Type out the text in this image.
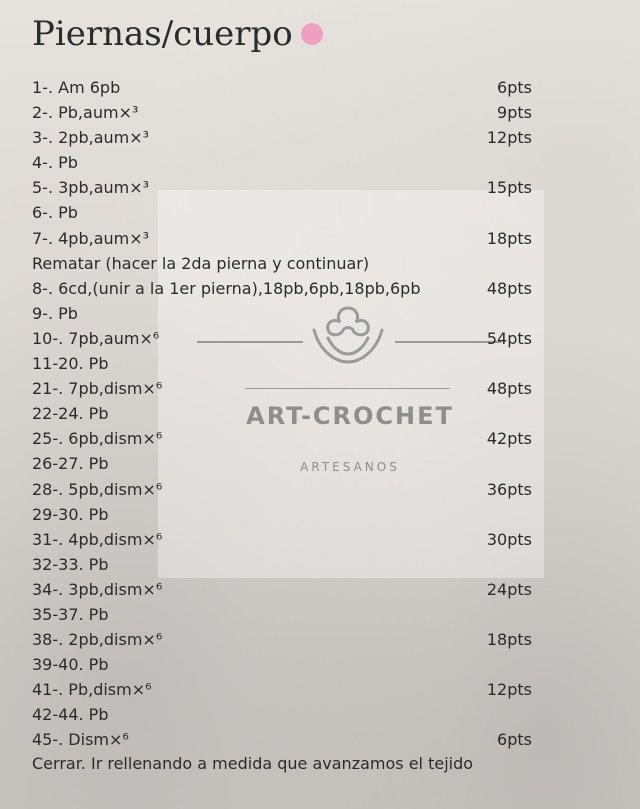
ART-CROCHET
ARTESANOS
Piernas/cuerpo
1-. Am 6pb	6pts
2-. Pb,aum×³	9pts
3-. 2pb,aum×³	12pts
4-. Pb
5-. 3pb,aum×³	15pts
6-. Pb
7-. 4pb,aum×³	18pts
Rematar (hacer la 2da pierna y continuar)
8-. 6cd,(unir a la 1er pierna),18pb,6pb,18pb,6pb	48pts
9-. Pb
10-. 7pb,aum×⁶	54pts
11-20. Pb
21-. 7pb,dism×⁶	48pts
22-24. Pb
25-. 6pb,dism×⁶	42pts
26-27. Pb
28-. 5pb,dism×⁶	36pts
29-30. Pb
31-. 4pb,dism×⁶	30pts
32-33. Pb
34-. 3pb,dism×⁶	24pts
35-37. Pb
38-. 2pb,dism×⁶	18pts
39-40. Pb
41-. Pb,dism×⁶	12pts
42-44. Pb
45-. Dism×⁶	6pts
Cerrar. Ir rellenando a medida que avanzamos el tejido
